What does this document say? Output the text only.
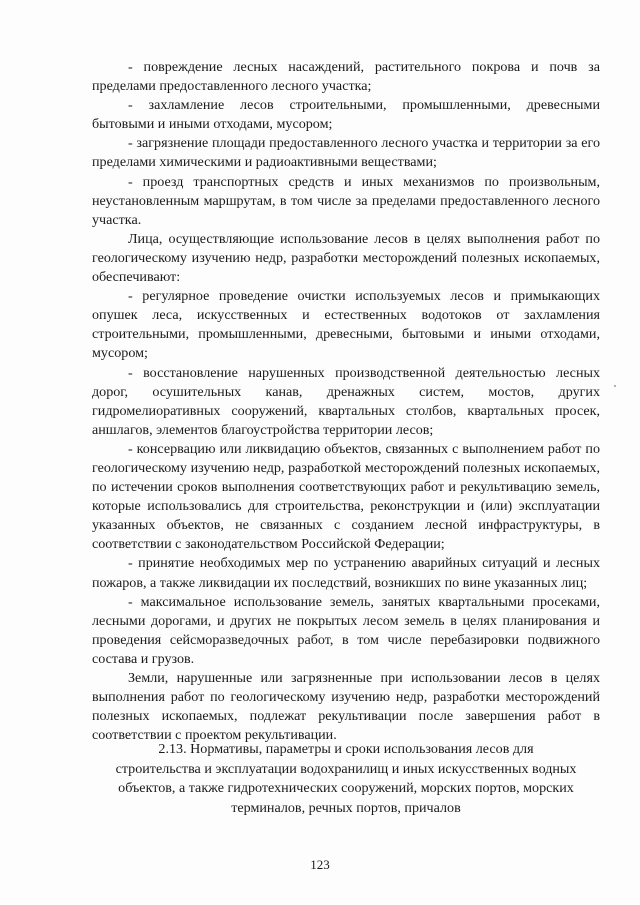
- повреждение лесных насаждений, растительного покрова и почв за пределами предоставленного лесного участка;

- захламление лесов строительными, промышленными, древесными бытовыми и иными отходами, мусором;

- загрязнение площади предоставленного лесного участка и территории за его пределами химическими и радиоактивными веществами;

- проезд транспортных средств и иных механизмов по произвольным, неустановленным маршрутам, в том числе за пределами предоставленного лесного участка.

Лица, осуществляющие использование лесов в целях выполнения работ по геологическому изучению недр, разработки месторождений полезных ископаемых, обеспечивают:

- регулярное проведение очистки используемых лесов и примыкающих опушек леса, искусственных и естественных водотоков от захламления строительными, промышленными, древесными, бытовыми и иными отходами, мусором;

- восстановление нарушенных производственной деятельностью лесных дорог, осушительных канав, дренажных систем, мостов, других гидромелиоративных сооружений, квартальных столбов, квартальных просек, аншлагов, элементов благоустройства территории лесов;

- консервацию или ликвидацию объектов, связанных с выполнением работ по геологическому изучению недр, разработкой месторождений полезных ископаемых, по истечении сроков выполнения соответствующих работ и рекультивацию земель, которые использовались для строительства, реконструкции и (или) эксплуатации указанных объектов, не связанных с созданием лесной инфраструктуры, в соответствии с законодательством Российской Федерации;

- принятие необходимых мер по устранению аварийных ситуаций и лесных пожаров, а также ликвидации их последствий, возникших по вине указанных лиц;

- максимальное использование земель, занятых квартальными просеками, лесными дорогами, и других не покрытых лесом земель в целях планирования и проведения сейсморазведочных работ, в том числе перебазировки подвижного состава и грузов.

Земли, нарушенные или загрязненные при использовании лесов в целях выполнения работ по геологическому изучению недр, разработки месторождений полезных ископаемых, подлежат рекультивации после завершения работ в соответствии с проектом рекультивации.

2.13. Нормативы, параметры и сроки использования лесов для
строительства и эксплуатации водохранилищ и иных искусственных водных
объектов, а также гидротехнических сооружений, морских портов, морских
терминалов, речных портов, причалов
123
